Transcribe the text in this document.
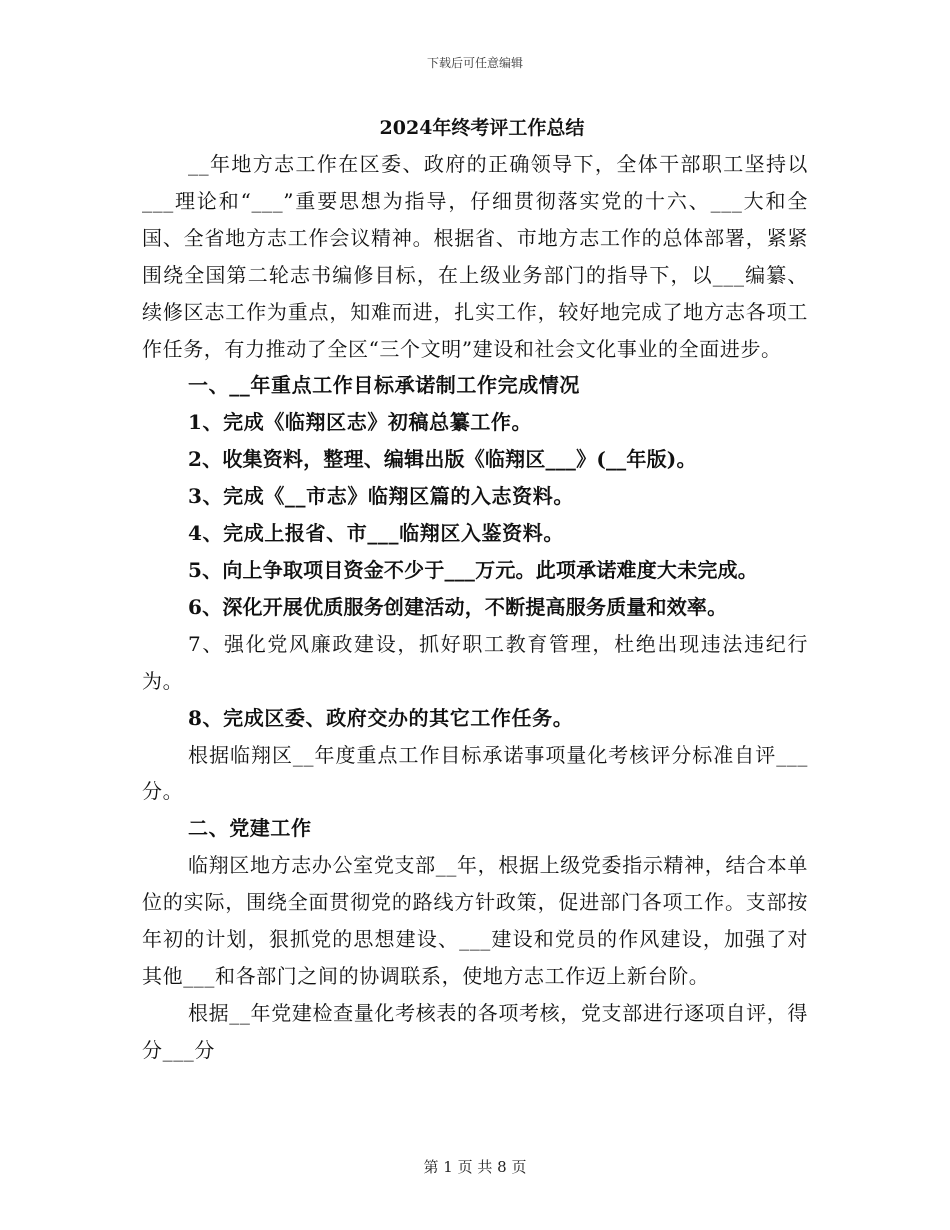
下载后可任意编辑
2024年终考评工作总结

__年地方志工作在区委、政府的正确领导下，全体干部职工坚持以___理论和“___”重要思想为指导，仔细贯彻落实党的十六、___大和全国、全省地方志工作会议精神。根据省、市地方志工作的总体部署，紧紧围绕全国第二轮志书编修目标，在上级业务部门的指导下，以___编纂、续修区志工作为重点，知难而进，扎实工作，较好地完成了地方志各项工作任务，有力推动了全区“三个文明”建设和社会文化事业的全面进步。

一、__年重点工作目标承诺制工作完成情况

1、完成《临翔区志》初稿总纂工作。

2、收集资料，整理、编辑出版《临翔区___》(__年版)。

3、完成《__市志》临翔区篇的入志资料。

4、完成上报省、市___临翔区入鉴资料。

5、向上争取项目资金不少于___万元。此项承诺难度大未完成。

6、深化开展优质服务创建活动，不断提高服务质量和效率。

7、强化党风廉政建设，抓好职工教育管理，杜绝出现违法违纪行为。

8、完成区委、政府交办的其它工作任务。

根据临翔区__年度重点工作目标承诺事项量化考核评分标准自评___分。

二、党建工作

临翔区地方志办公室党支部__年，根据上级党委指示精神，结合本单位的实际，围绕全面贯彻党的路线方针政策，促进部门各项工作。支部按年初的计划，狠抓党的思想建设、___建设和党员的作风建设，加强了对其他___和各部门之间的协调联系，使地方志工作迈上新台阶。

根据__年党建检查量化考核表的各项考核，党支部进行逐项自评，得分___分

第 1 页 共 8 页
